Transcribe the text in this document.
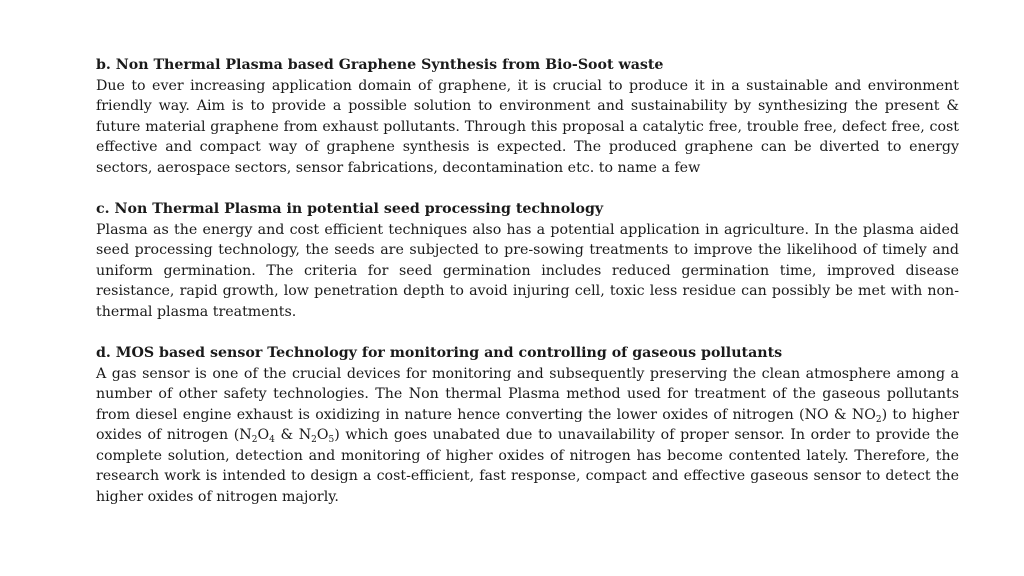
b. Non Thermal Plasma based Graphene Synthesis from Bio-Soot waste

Due to ever increasing application domain of graphene, it is crucial to produce it in a sustainable and environment friendly way. Aim is to provide a possible solution to environment and sustainability by synthesizing the present & future material graphene from exhaust pollutants. Through this proposal a catalytic free, trouble free, defect free, cost effective and compact way of graphene synthesis is expected. The produced graphene can be diverted to energy sectors, aerospace sectors, sensor fabrications, decontamination etc. to name a few

c. Non Thermal Plasma in potential seed processing technology

Plasma as the energy and cost efficient techniques also has a potential application in agriculture. In the plasma aided seed processing technology, the seeds are subjected to pre-sowing treatments to improve the likelihood of timely and uniform germination. The criteria for seed germination includes reduced germination time, improved disease resistance, rapid growth, low penetration depth to avoid injuring cell, toxic less residue can possibly be met with non-thermal plasma treatments.

d. MOS based sensor Technology for monitoring and controlling of gaseous pollutants

A gas sensor is one of the crucial devices for monitoring and subsequently preserving the clean atmosphere among a number of other safety technologies. The Non thermal Plasma method used for treatment of the gaseous pollutants from diesel engine exhaust is oxidizing in nature hence converting the lower oxides of nitrogen (NO & $NO_2$) to higher oxides of nitrogen ($N_2O_4$ & $N_2O_5$) which goes unabated due to unavailability of proper sensor. In order to provide the complete solution, detection and monitoring of higher oxides of nitrogen has become contented lately. Therefore, the research work is intended to design a cost-efficient, fast response, compact and effective gaseous sensor to detect the higher oxides of nitrogen majorly.
